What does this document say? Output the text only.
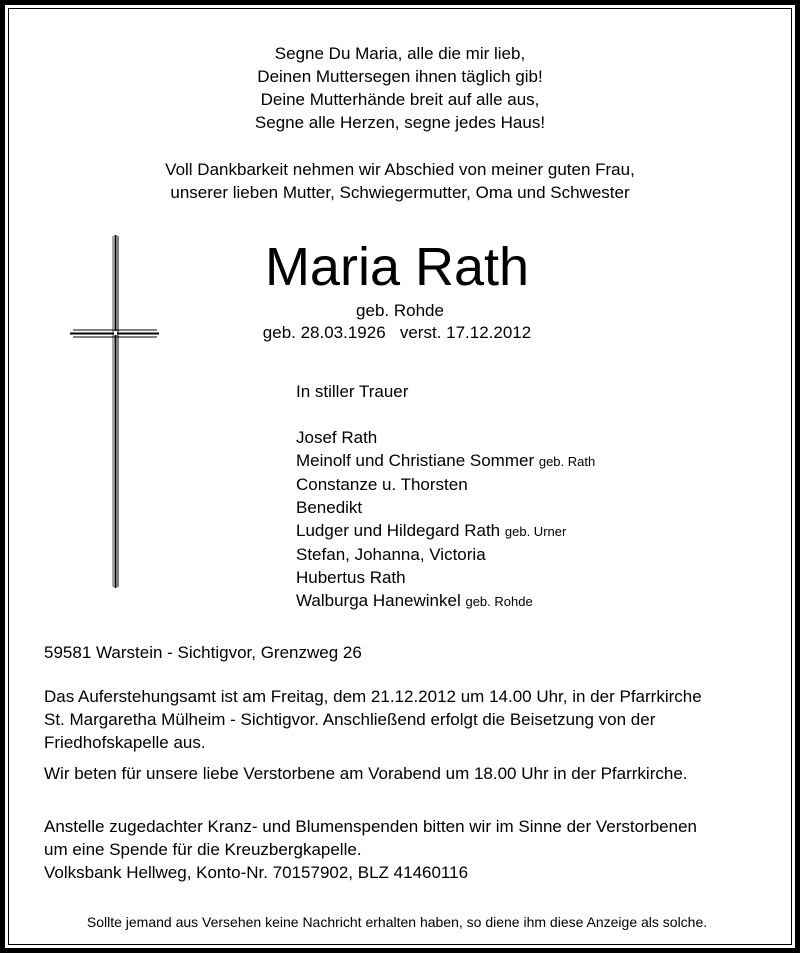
Segne Du Maria, alle die mir lieb,
Deinen Muttersegen ihnen täglich gib!
Deine Mutterhände breit auf alle aus,
Segne alle Herzen, segne jedes Haus!
Voll Dankbarkeit nehmen wir Abschied von meiner guten Frau,
unserer lieben Mutter, Schwiegermutter, Oma und Schwester
Maria Rath
geb. Rohde
geb. 28.03.1926   verst. 17.12.2012
In stiller Trauer
Josef Rath
Meinolf und Christiane Sommer geb. Rath
Constanze u. Thorsten
Benedikt
Ludger und Hildegard Rath geb. Urner
Stefan, Johanna, Victoria
Hubertus Rath
Walburga Hanewinkel geb. Rohde
59581 Warstein - Sichtigvor, Grenzweg 26
Das Auferstehungsamt ist am Freitag, dem 21.12.2012 um 14.00 Uhr, in der Pfarrkirche
St. Margaretha Mülheim - Sichtigvor. Anschließend erfolgt die Beisetzung von der
Friedhofskapelle aus.
Wir beten für unsere liebe Verstorbene am Vorabend um 18.00 Uhr in der Pfarrkirche.
Anstelle zugedachter Kranz- und Blumenspenden bitten wir im Sinne der Verstorbenen
um eine Spende für die Kreuzbergkapelle.
Volksbank Hellweg, Konto-Nr. 70157902, BLZ 41460116
Sollte jemand aus Versehen keine Nachricht erhalten haben, so diene ihm diese Anzeige als solche.
